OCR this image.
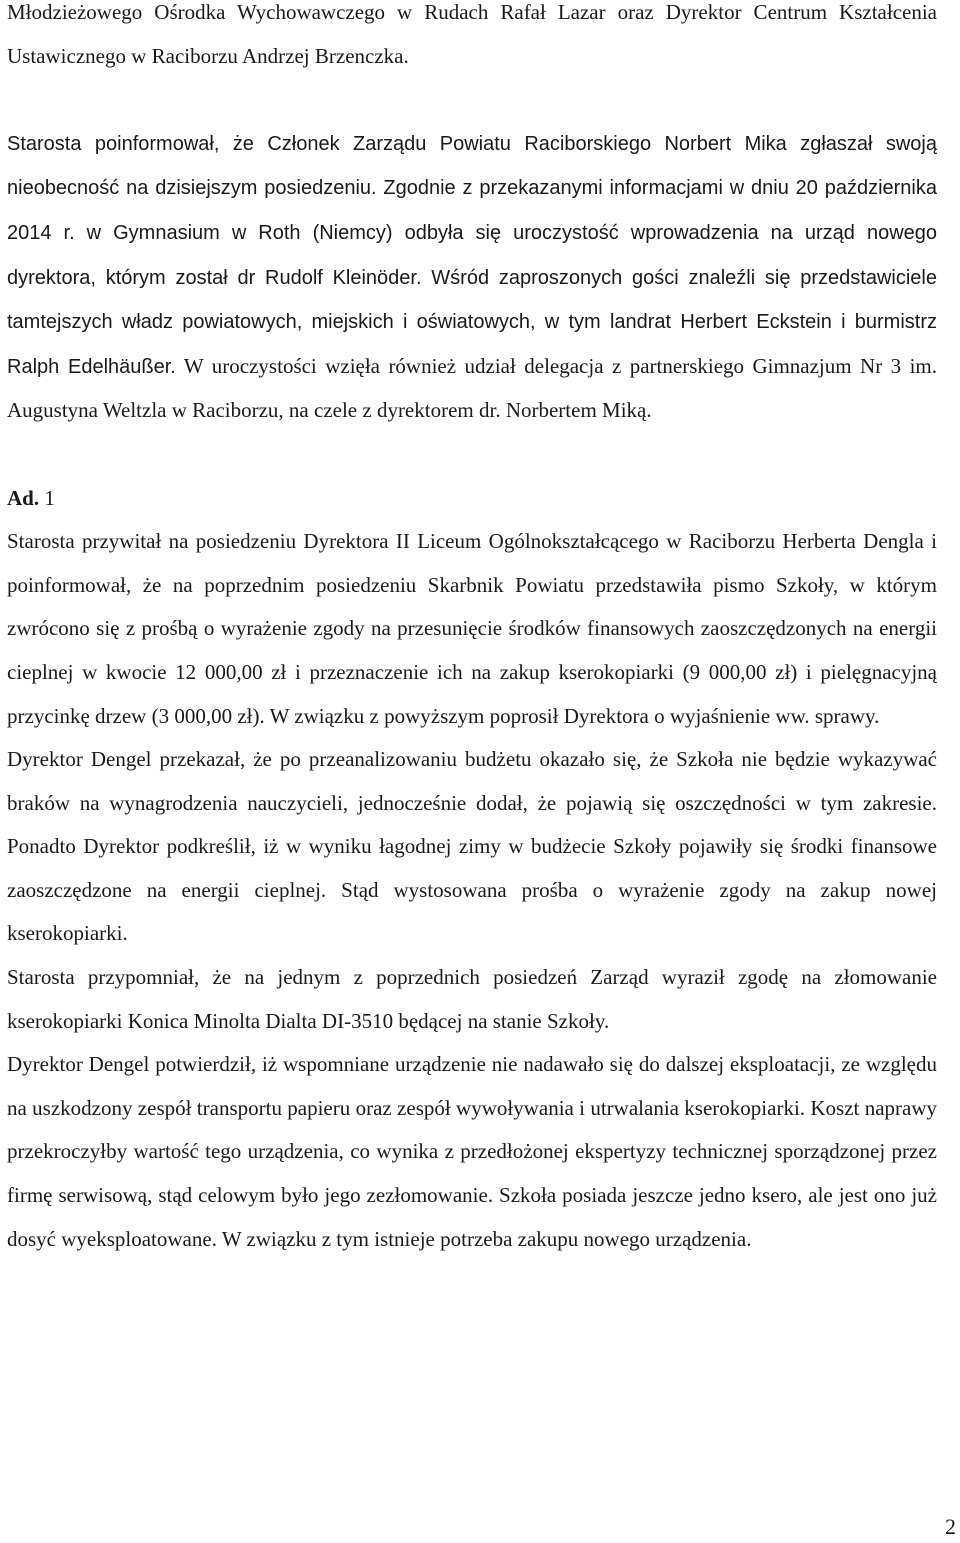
Młodzieżowego Ośrodka Wychowawczego w Rudach Rafał Lazar oraz Dyrektor Centrum Kształcenia Ustawicznego w Raciborzu Andrzej Brzenczka.

Starosta poinformował, że Członek Zarządu Powiatu Raciborskiego Norbert Mika zgłaszał swoją nieobecność na dzisiejszym posiedzeniu. Zgodnie z przekazanymi informacjami w dniu 20 października 2014 r. w Gymnasium w Roth (Niemcy) odbyła się uroczystość wprowadzenia na urząd nowego dyrektora, którym został dr Rudolf Kleinöder. Wśród zaproszonych gości znaleźli się przedstawiciele tamtejszych władz powiatowych, miejskich i oświatowych, w tym landrat Herbert Eckstein i burmistrz Ralph Edelhäußer. W uroczystości wzięła również udział delegacja z partnerskiego Gimnazjum Nr 3 im. Augustyna Weltzla w Raciborzu, na czele z dyrektorem dr. Norbertem Miką.

Ad. 1

Starosta przywitał na posiedzeniu Dyrektora II Liceum Ogólnokształcącego w Raciborzu Herberta Dengla i poinformował, że na poprzednim posiedzeniu Skarbnik Powiatu przedstawiła pismo Szkoły, w którym zwrócono się z prośbą o wyrażenie zgody na przesunięcie środków finansowych zaoszczędzonych na energii cieplnej w kwocie 12 000,00 zł i przeznaczenie ich na zakup kserokopiarki (9 000,00 zł) i pielęgnacyjną przycinkę drzew (3 000,00 zł). W związku z powyższym poprosił Dyrektora o wyjaśnienie ww. sprawy.

Dyrektor Dengel przekazał, że po przeanalizowaniu budżetu okazało się, że Szkoła nie będzie wykazywać braków na wynagrodzenia nauczycieli, jednocześnie dodał, że pojawią się oszczędności w tym zakresie. Ponadto Dyrektor podkreślił, iż w wyniku łagodnej zimy w budżecie Szkoły pojawiły się środki finansowe zaoszczędzone na energii cieplnej. Stąd wystosowana prośba o wyrażenie zgody na zakup nowej kserokopiarki.

Starosta przypomniał, że na jednym z poprzednich posiedzeń Zarząd wyraził zgodę na złomowanie kserokopiarki Konica Minolta Dialta DI-3510 będącej na stanie Szkoły.

Dyrektor Dengel potwierdził, iż wspomniane urządzenie nie nadawało się do dalszej eksploatacji, ze względu na uszkodzony zespół transportu papieru oraz zespół wywoływania i utrwalania kserokopiarki. Koszt naprawy przekroczyłby wartość tego urządzenia, co wynika z przedłożonej ekspertyzy technicznej sporządzonej przez firmę serwisową, stąd celowym było jego zezłomowanie. Szkoła posiada jeszcze jedno ksero, ale jest ono już dosyć wyeksploatowane. W związku z tym istnieje potrzeba zakupu nowego urządzenia.

2
